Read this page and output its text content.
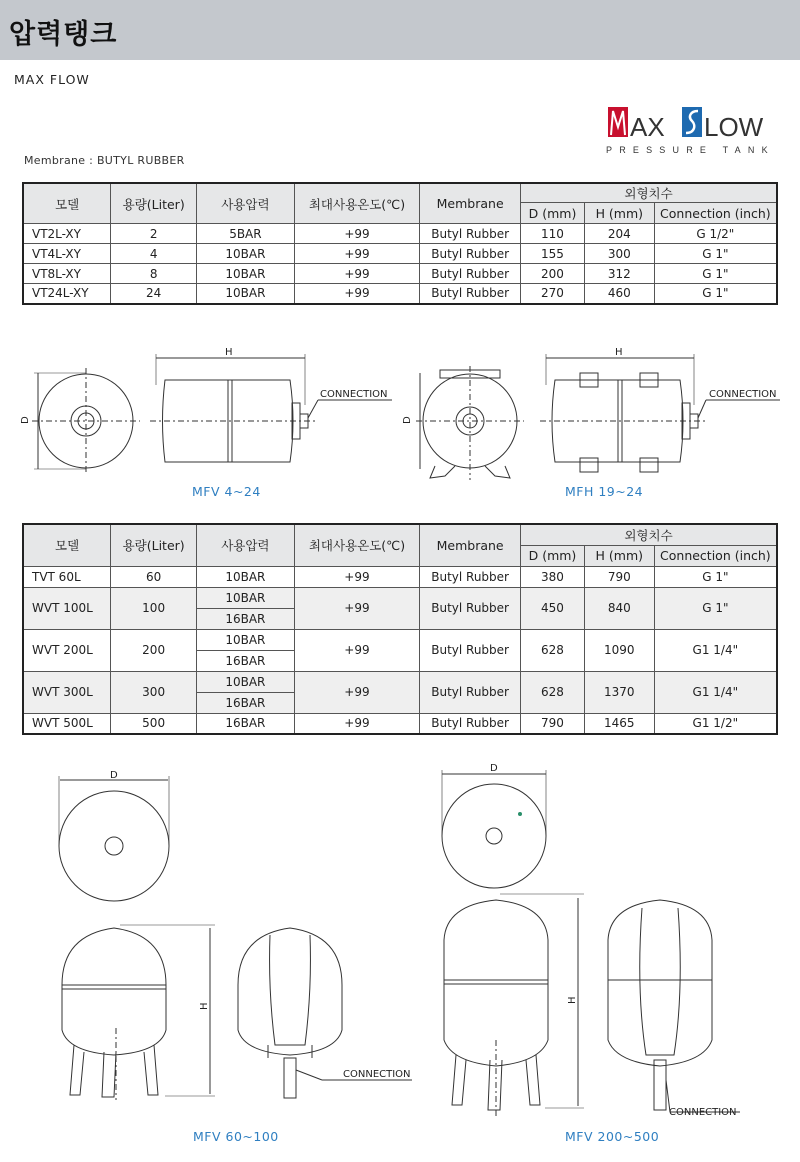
압력탱크
MAX FLOW
AX LOW
PRESSURE TANK
Membrane : BUTYL RUBBER
모델	용량(Liter)	사용압력	최대사용온도(℃)	Membrane	외형치수		
					D (mm)	H (mm)	Connection (inch)
VT2L-XY	2	5BAR	+99	Butyl Rubber	110	204	G 1/2"
VT4L-XY	4	10BAR	+99	Butyl Rubber	155	300	G 1"
VT8L-XY	8	10BAR	+99	Butyl Rubber	200	312	G 1"
VT24L-XY	24	10BAR	+99	Butyl Rubber	270	460	G 1"
H	H
D	D
CONNECTION	CONNECTION
D
D
H
H
CONNECTION
CONNECTION
MFV 4~24	MFH 19~24
모델	용량(Liter)	사용압력	최대사용온도(℃)	Membrane	외형치수		
					D (mm)	H (mm)	Connection (inch)
TVT 60L	60	10BAR	+99	Butyl Rubber	380	790	G 1"
WVT 100L	100	10BAR	+99	Butyl Rubber	450	840	G 1"
		16BAR					
WVT 200L	200	10BAR	+99	Butyl Rubber	628	1090	G1 1/4"
		16BAR					
WVT 300L	300	10BAR	+99	Butyl Rubber	628	1370	G1 1/4"
		16BAR					
WVT 500L	500	16BAR	+99	Butyl Rubber	790	1465	G1 1/2"
MFV 60~100	MFV 200~500
